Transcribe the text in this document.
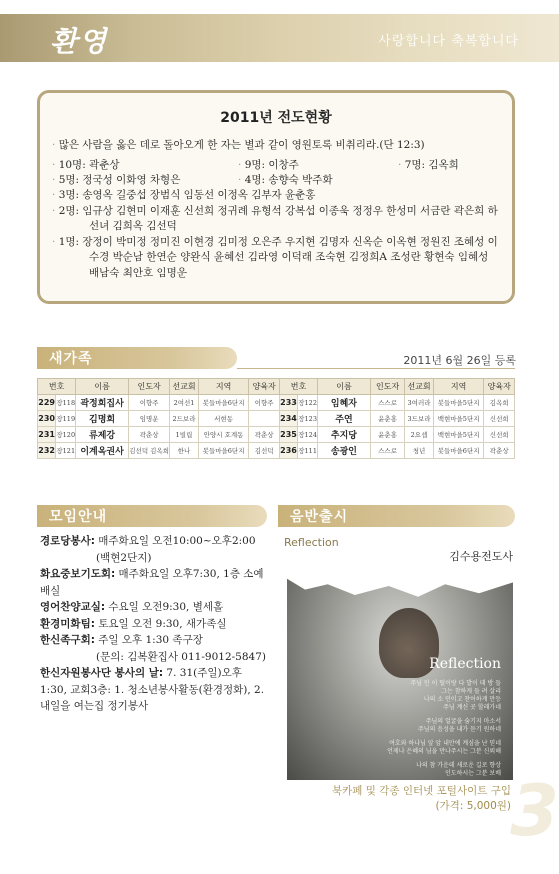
환영	사랑합니다 축복합니다
2011년 전도현황
· 많은 사람을 옳은 데로 돌아오게 한 자는 별과 같이 영원토록 비취리라.(단 12:3)
· 10명: 곽춘상	· 9명: 이창주	· 7명: 김옥희
· 5명: 정국성 이화영 차형은	· 4명: 송향숙 박주화
· 3명: 송영옥 길중섭 장범식 임동선 이정옥 김부자 윤춘홍
· 2명: 임규상 김현미 이재훈 신선희 정귀례 유형석 강복섭 이종욱 정정우 한성미 서금란 곽은희 하선녀 김희옥 김선덕
· 1명: 장정이 박미정 정미진 이현경 김미정 오은주 우지현 김명자 신옥순 이옥현 정원진 조혜성 이수경 박순남 한연순 양완식 윤혜선 김라영 이덕래 조숙현 김정희A 조성란 황현숙 임혜성 배남숙 최안호 임명운
새가족	2011년 6월 26일 등록
번호		이름	인도자	선교회	지역	양육자	번호		이름	인도자	선교회	지역	양육자
229	장118	곽정희집사	이향주	2여선1	봇들마을6단지	이향주	233	장122	임혜자	스스로	3여러라	봇들마을5단지	김옥희
230	장119	김명희	임명운	2드보라	서현동		234	장123	주연	윤춘홍	3드보라	백현마을5단지	신선희
231	장120	류제강	곽춘상	1빌립	안양시 호계동	곽춘상	235	장124	추지당	윤춘홍	2요셉	백현마을5단지	신선희
232	장121	이계옥권사	김선덕 김옥희	한나	봇들마을6단지	김선덕	236	장111	송광인	스스로	청년	봇들마을6단지	곽춘상
모임안내
경로당봉사: 매주화요일 오전10:00~오후2:00
(백현2단지)
화요중보기도회: 매주화요일 오후7:30, 1층 소예배실
영어찬양교실: 수요일 오전9:30, 별세홀
환경미화팀: 토요일 오전 9:30, 새가족실
한신족구회: 주일 오후 1:30 족구장
(문의: 김복환집사 011-9012-5847)
한신자원봉사단 봉사의 날: 7. 31(주일)오후1:30, 교회3층: 1. 청소년봉사활동(환경정화), 2. 내일을 여는집 정기봉사
음반출시
Reflection
김수용전도사
Reflection
주님 인 이 떨이랑 다 발이 데 방 들
그는 참하게 들 려 살리
나의 소 민이고 찬어하게 만등
주님 계신 곳 할래가네
주님의 얼굴을 숨기지 마소서
주님의 음성을 내가 듣기 원하네
여호와 하나님 앞 앞 내안에 계심을 난 믿네
언제나 은혜의 님을 만나주시는 그분 신뢰해
나의 참 가운데 새로운 길로 향상
인도하시는 그분 보배
북카페 및 각종 인터넷 포털사이트 구입
(가격: 5,000원) 3
